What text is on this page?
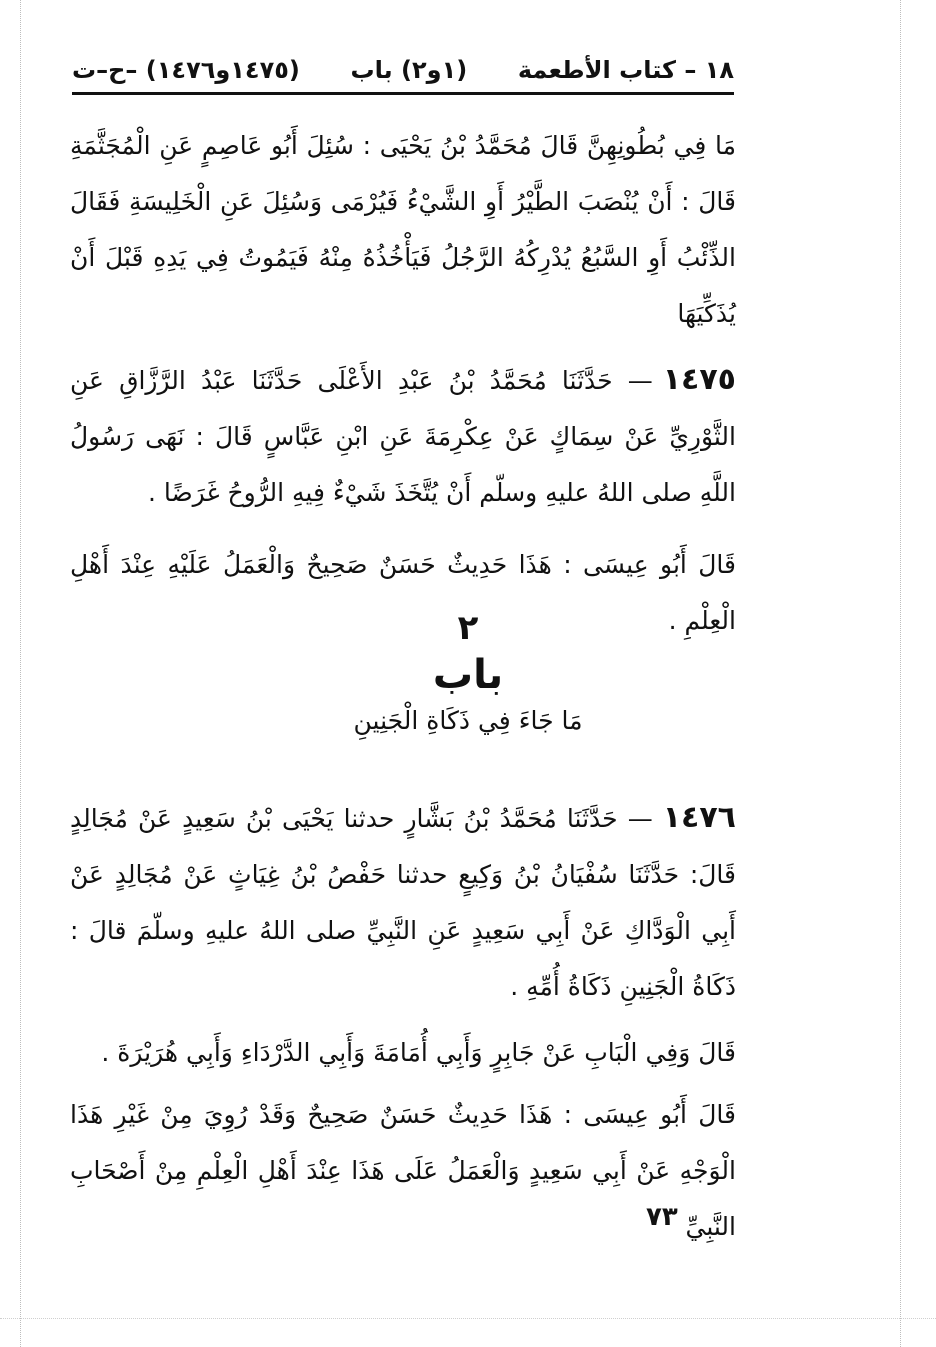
١٨ – كتاب الأطعمة
(١و٢) باب
(١٤٧٥و١٤٧٦) –ح–ت

مَا فِي بُطُونِهِنَّ قَالَ مُحَمَّدُ بْنُ يَحْيَى : سُئِلَ أَبُو عَاصِمٍ عَنِ الْمُجَثَّمَةِ قَالَ : أَنْ يُنْصَبَ الطَّيْرُ أَوِ الشَّيْءُ فَيُرْمَى وَسُئِلَ عَنِ الْخَلِيسَةِ فَقَالَ الذِّئْبُ أَوِ السَّبُعُ يُدْرِكُهُ الرَّجُلُ فَيَأْخُذُهُ مِنْهُ فَيَمُوتُ فِي يَدِهِ قَبْلَ أَنْ يُذَكِّيَهَا

١٤٧٥— حَدَّثَنَا مُحَمَّدُ بْنُ عَبْدِ الأَعْلَى حَدَّثَنَا عَبْدُ الرَّزَّاقِ عَنِ الثَّوْرِيِّ عَنْ سِمَاكٍ عَنْ عِكْرِمَةَ عَنِ ابْنِ عَبَّاسٍ قَالَ : نَهَى رَسُولُ اللَّهِ صلى اللهُ عليهِ وسلّم أَنْ يُتَّخَذَ شَيْءٌ فِيهِ الرُّوحُ غَرَضًا .

قَالَ أَبُو عِيسَى : هَذَا حَدِيثٌ حَسَنٌ صَحِيحٌ وَالْعَمَلُ عَلَيْهِ عِنْدَ أَهْلِ الْعِلْمِ .

٢
باب
مَا جَاءَ فِي ذَكَاةِ الْجَنِينِ

١٤٧٦— حَدَّثَنَا مُحَمَّدُ بْنُ بَشَّارٍ حدثنا يَحْيَى بْنُ سَعِيدٍ عَنْ مُجَالِدٍ قَالَ: حَدَّثَنَا سُفْيَانُ بْنُ وَكِيعٍ حدثنا حَفْصُ بْنُ غِيَاثٍ عَنْ مُجَالِدٍ عَنْ أَبِي الْوَدَّاكِ عَنْ أَبِي سَعِيدٍ عَنِ النَّبِيِّ صلى اللهُ عليهِ وسلّمَ قالَ : ذَكَاةُ الْجَنِينِ ذَكَاةُ أُمِّهِ .

قَالَ وَفِي الْبَابِ عَنْ جَابِرٍ وَأَبِي أُمَامَةَ وَأَبِي الدَّرْدَاءِ وَأَبِي هُرَيْرَةَ .

قَالَ أَبُو عِيسَى : هَذَا حَدِيثٌ حَسَنٌ صَحِيحٌ وَقَدْ رُوِيَ مِنْ غَيْرِ هَذَا الْوَجْهِ عَنْ أَبِي سَعِيدٍ وَالْعَمَلُ عَلَى هَذَا عِنْدَ أَهْلِ الْعِلْمِ مِنْ أَصْحَابِ النَّبِيِّ

٧٣
